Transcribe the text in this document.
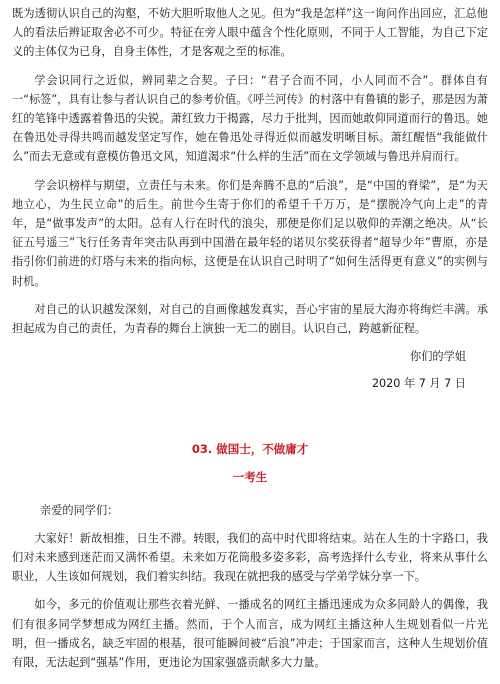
既为透彻认识自己的沟壑，不妨大胆听取他人之见。但为“我是怎样”这一询问作出回应，汇总他人的看法后辨证取舍必不可少。特征在旁人眼中蕴含个性化原则，不同于人工智能，为自己下定义的主体仅为已身，自身主体性，才是客观之至的标准。

学会识同行之近似，辨同辈之合契。子曰：“君子合而不同，小人同而不合”。群体自有一“标签”，具有让参与者认识自己的参考价值。《呼兰河传》的村落中有鲁镇的影子，那是因为萧红的笔锋中透露着鲁迅的尖锐。萧红致力于揭露，尽力于批判，因而她敢仰同道而行的鲁迅。她在鲁迅处寻得共鸣而越发坚定写作，她在鲁迅处寻得近似而越发明晰目标。萧红醒悟“我能做什么”而去无意或有意模仿鲁迅文风，知道渴求“什么样的生活”而在文学领域与鲁迅并肩而行。

学会识榜样与期望，立责任与未来。你们是奔腾不息的“后浪”，是“中国的脊梁”，是“为天地立心，为生民立命”的后生。前世今生寄于你们的希望千千万万，是“摆脱冷气向上走”的青年，是“做事发声”的太阳。总有人行在时代的浪尖，那便是你们足以敬仰的弄潮之绝决。从“长征五号遥三”飞行任务青年突击队再到中国潜在最年轻的诺贝尔奖获得者“超导少年”曹原，亦是指引你们前进的灯塔与未来的指向标，这便是在认识自己时明了“如何生活得更有意义”的实例与时机。

对自己的认识越发深刻，对自己的自画像越发真实，吾心宇宙的星辰大海亦将绚烂丰满。承担起成为自己的责任，为青春的舞台上演独一无二的剧目。认识自己，跨越新征程。

你们的学姐
2020 年 7 月 7 日
03. 做国士，不做庸才
一考生
亲爱的同学们：

大家好！新故相推，日生不滞。转眼，我们的高中时代即将结束。站在人生的十字路口，我们对未来感到迷茫而又满怀希望。未来如万花筒般多姿多彩，高考选择什么专业，将来从事什么职业，人生该如何规划，我们着实纠结。我现在就把我的感受与学弟学妹分享一下。

如今，多元的价值观让那些衣着光鲜、一播成名的网红主播迅速成为众多同龄人的偶像，我们有很多同学梦想成为网红主播。然而，于个人而言，成为网红主播这种人生规划看似一片光明，但一播成名，缺乏牢固的根基，很可能瞬间被“后浪”冲走；于国家而言，这种人生规划价值有限，无法起到“强基”作用，更违论为国家强盛贡献多大力量。
